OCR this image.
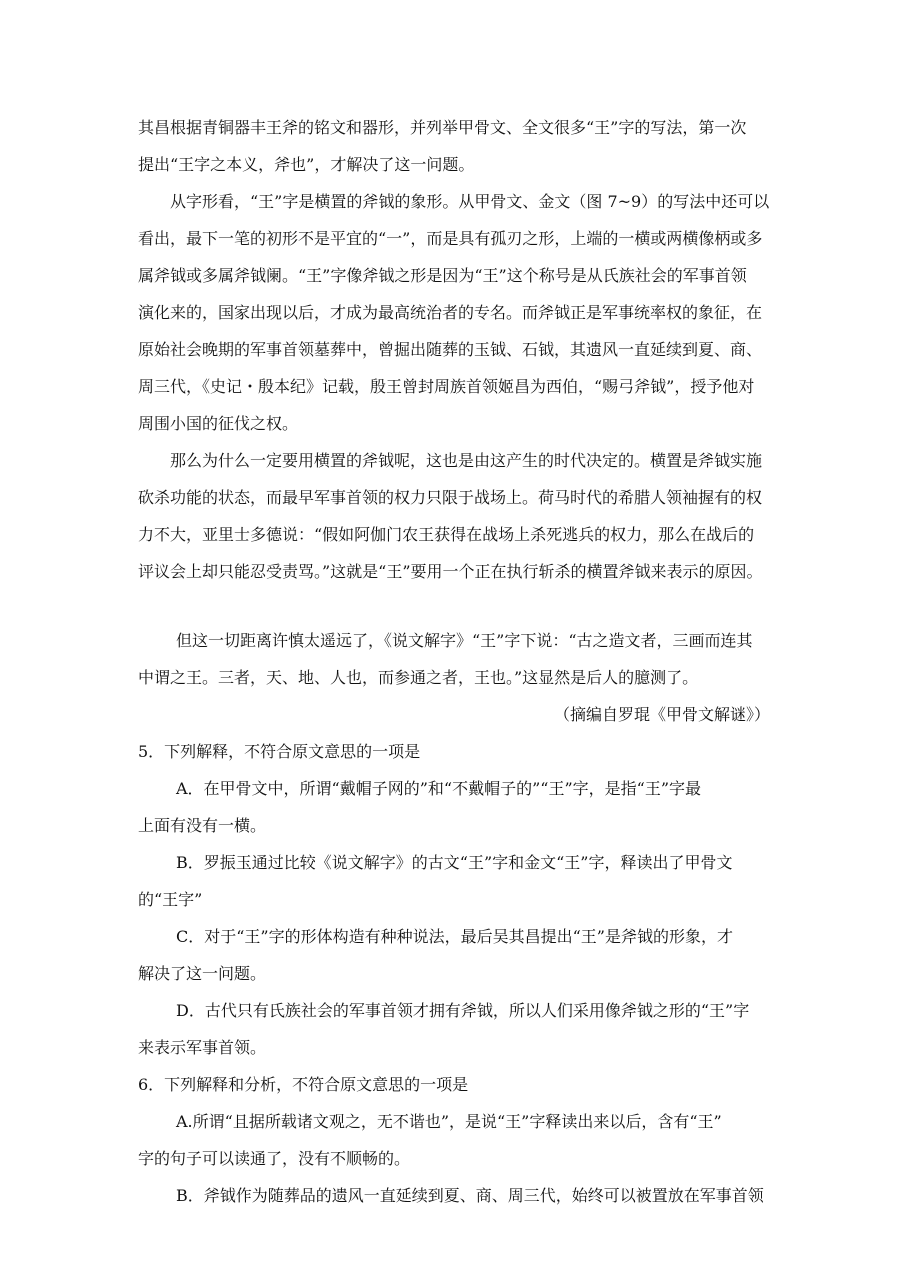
其昌根据青铜器丰王斧的铭文和器形，并列举甲骨文、全文很多“王”字的写法，第一次
提出“王字之本义，斧也”，才解决了这一问题。
从字形看，“王”字是横置的斧钺的象形。从甲骨文、金文（图 7~9）的写法中还可以
看出，最下一笔的初形不是平宜的“一”，而是具有孤刃之形，上端的一横或两横像柄或多
属斧钺或多属斧钺阑。“王”字像斧钺之形是因为“王”这个称号是从氏族社会的军事首领
演化来的，国家出现以后，才成为最高统治者的专名。而斧钺正是军事统率权的象征，在
原始社会晚期的军事首领墓葬中，曾掘出随葬的玉钺、石钺，其遗风一直延续到夏、商、
周三代，《史记・殷本纪》记载，殷王曾封周族首领姬昌为西伯，“赐弓斧钺”，授予他对
周围小国的征伐之权。
那么为什么一定要用横置的斧钺呢，这也是由这产生的时代决定的。横置是斧钺实施
砍杀功能的状态，而最早军事首领的权力只限于战场上。荷马时代的希腊人领袖握有的权
力不大，亚里士多德说：“假如阿伽门农王获得在战场上杀死逃兵的权力，那么在战后的
评议会上却只能忍受责骂。”这就是“王”要用一个正在执行斩杀的横置斧钺来表示的原因。
但这一切距离许慎太遥远了，《说文解字》“王”字下说：“古之造文者，三画而连其
中谓之王。三者，天、地、人也，而参通之者，王也。”这显然是后人的臆测了。
（摘编自罗琨《甲骨文解谜》）
5．下列解释，不符合原文意思的一项是
A．在甲骨文中，所谓“戴帽子网的”和“不戴帽子的”“王”字，是指“王”字最
上面有没有一横。
B．罗振玉通过比较《说文解字》的古文“王”字和金文“王”字，释读出了甲骨文
的“王字”
C．对于“王”字的形体构造有种种说法，最后吴其昌提出“王”是斧钺的形象，才
解决了这一问题。
D．古代只有氏族社会的军事首领才拥有斧钺，所以人们采用像斧钺之形的“王”字
来表示军事首领。
6．下列解释和分析，不符合原文意思的一项是
A.所谓“且据所载诸文观之，无不谐也”，是说“王”字释读出来以后，含有“王”
字的句子可以读通了，没有不顺畅的。
B．斧钺作为随葬品的遗风一直延续到夏、商、周三代，始终可以被置放在军事首领
